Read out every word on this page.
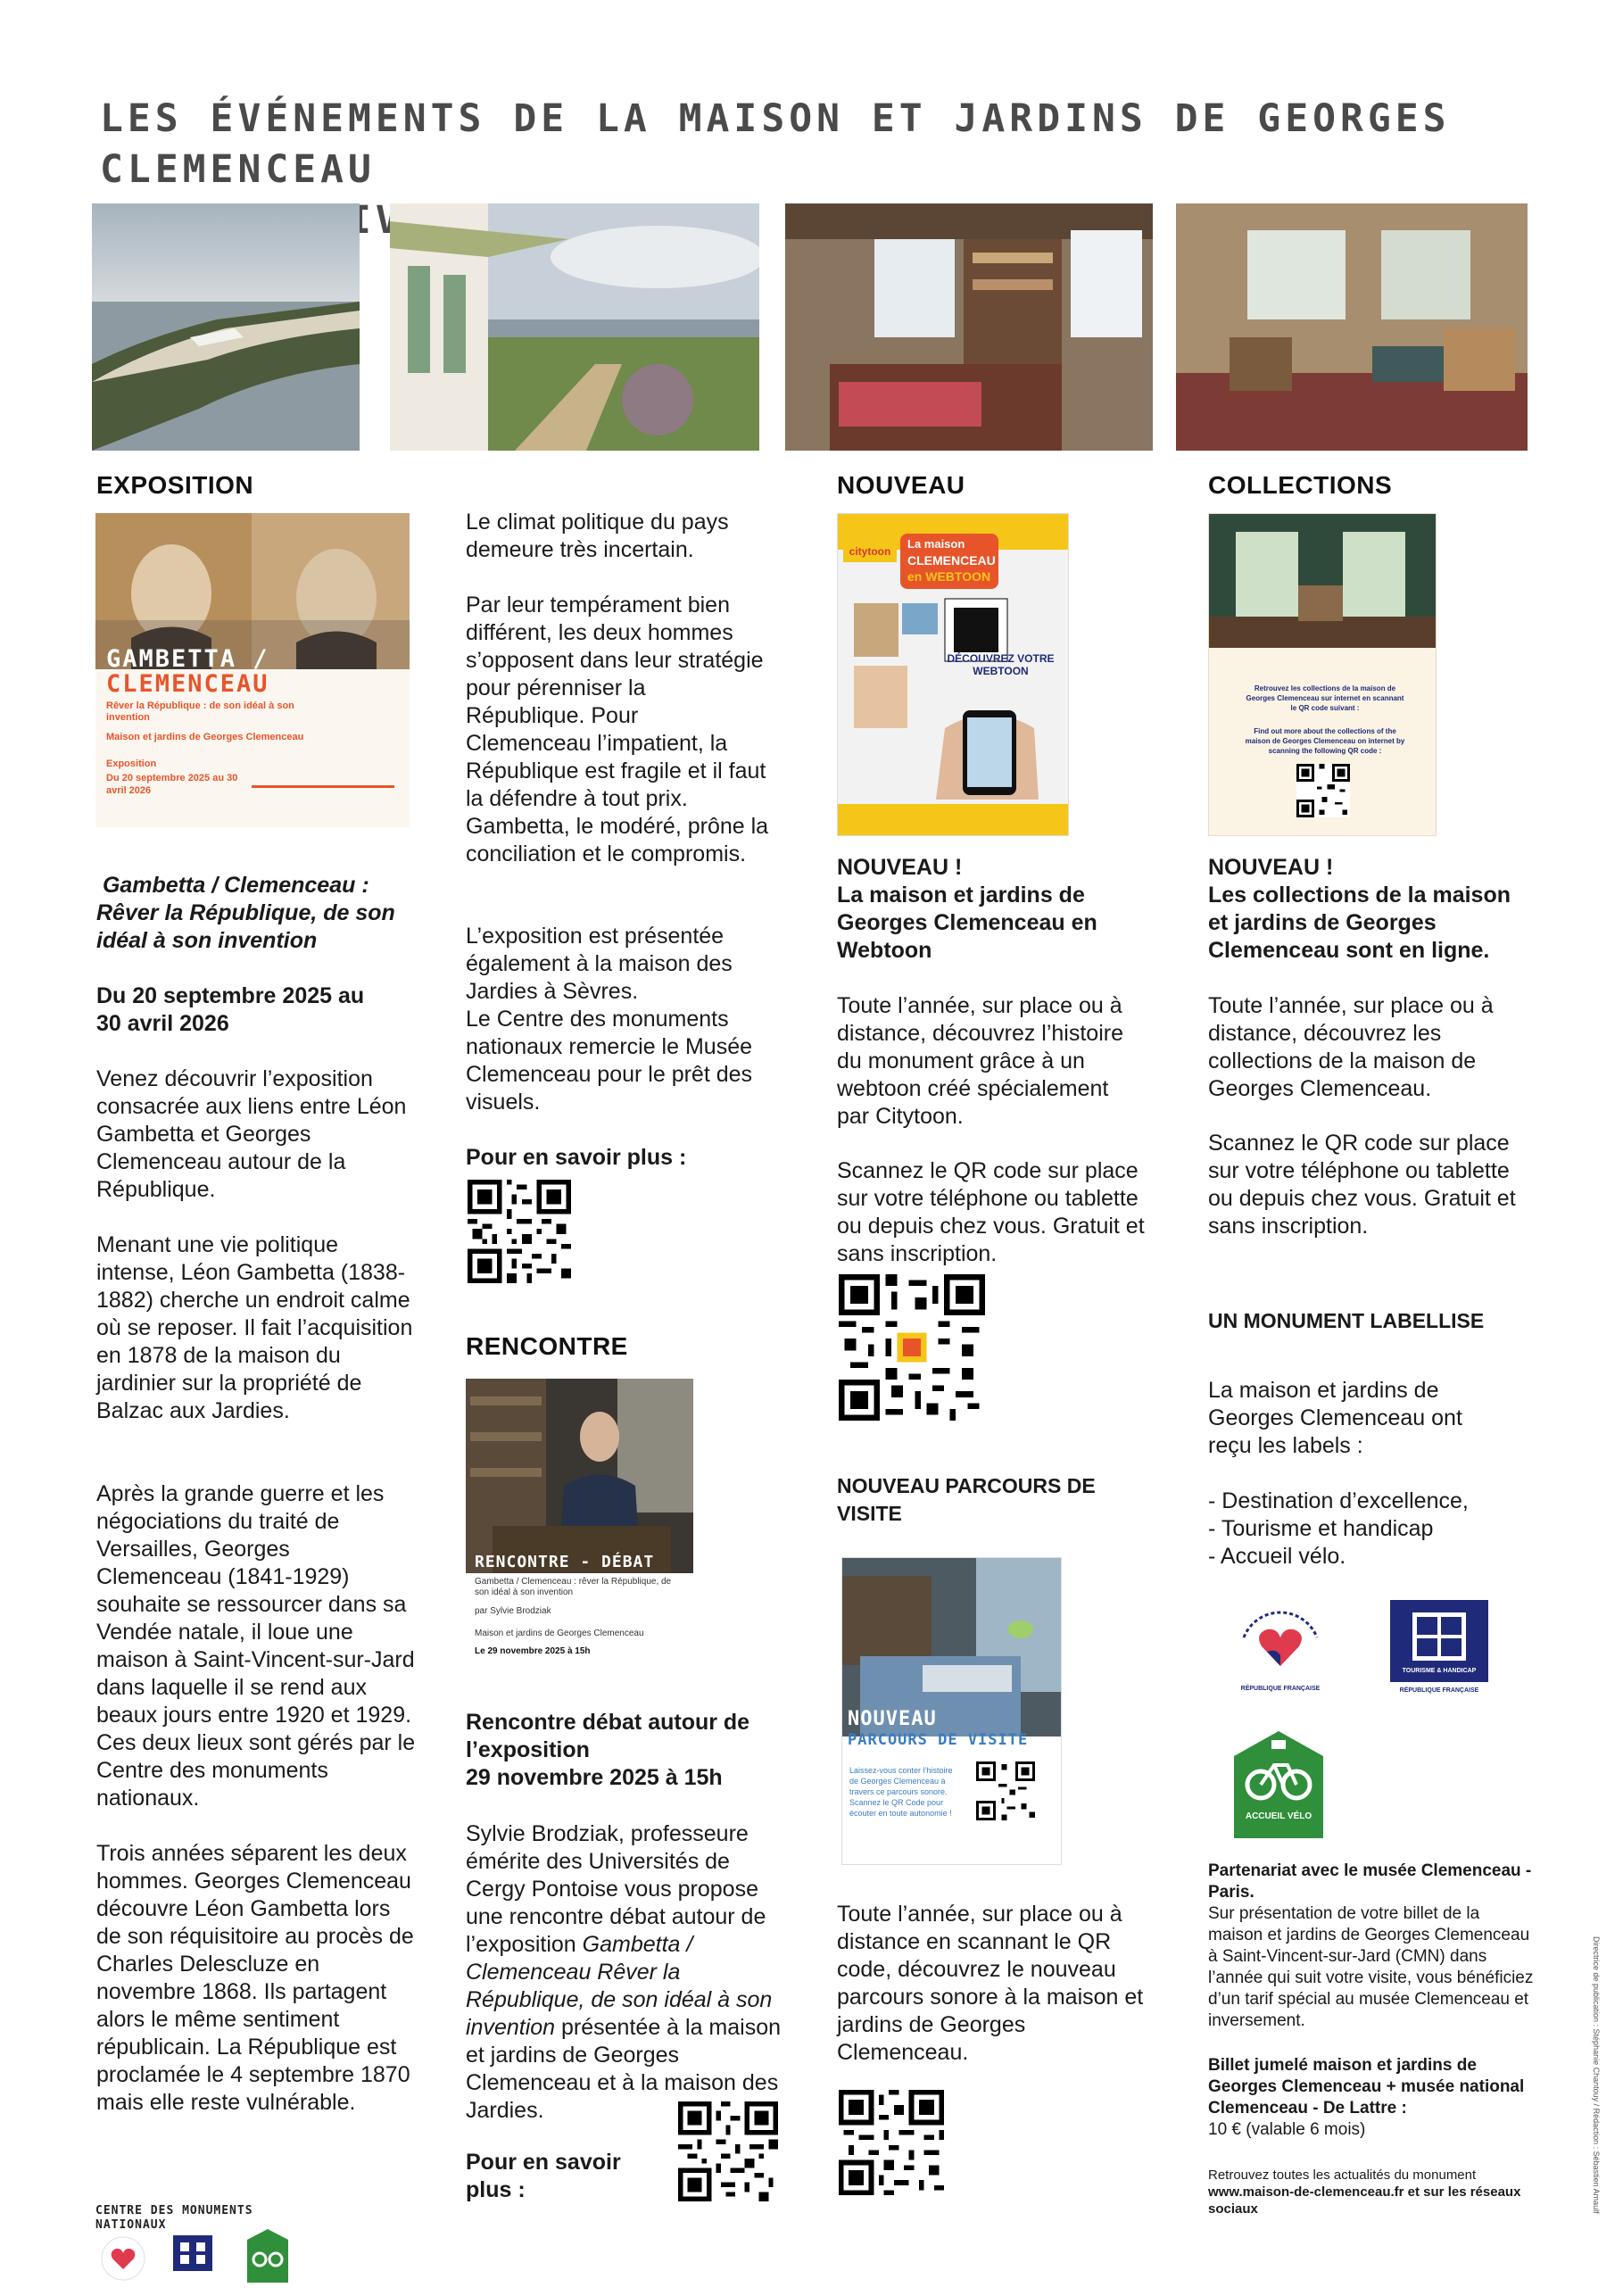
LES ÉVÉNEMENTS DE LA MAISON ET JARDINS DE GEORGES CLEMENCEAU
HIVER
EXPOSITION
GAMBETTA /
CLEMENCEAU
Rêver la République : de son idéal à son invention
Maison et jardins de Georges Clemenceau
Exposition
Du 20 septembre 2025 au 30 avril 2026
Gambetta / Clemenceau : Rêver la République, de son idéal à son invention
Du 20 septembre 2025 au 30 avril 2026
Venez découvrir l’exposition consacrée aux liens entre Léon Gambetta et Georges Clemenceau autour de la République.
Menant une vie politique intense, Léon Gambetta (1838-1882) cherche un endroit calme où se reposer. Il fait l’acquisition en 1878 de la maison du jardinier sur la propriété de Balzac aux Jardies.
Après la grande guerre et les négociations du traité de Versailles, Georges Clemenceau (1841-1929) souhaite se ressourcer dans sa Vendée natale, il loue une maison à Saint-Vincent-sur-Jard dans laquelle il se rend aux beaux jours entre 1920 et 1929. Ces deux lieux sont gérés par le Centre des monuments nationaux.
Trois années séparent les deux hommes. Georges Clemenceau découvre Léon Gambetta lors de son réquisitoire au procès de Charles Delescluze en novembre 1868. Ils partagent alors le même sentiment républicain. La République est proclamée le 4 septembre 1870 mais elle reste vulnérable.
CENTRE DES MONUMENTS NATIONAUX
Le climat politique du pays demeure très incertain.
Par leur tempérament bien différent, les deux hommes s’opposent dans leur stratégie pour pérenniser la République. Pour Clemenceau l’impatient, la République est fragile et il faut la défendre à tout prix. Gambetta, le modéré, prône la conciliation et le compromis.
L’exposition est présentée également à la maison des Jardies à Sèvres.
Le Centre des monuments nationaux remercie le Musée Clemenceau pour le prêt des visuels.
Pour en savoir plus :
RENCONTRE
RENCONTRE - DÉBAT
Gambetta / Clemenceau : rêver la République, de son idéal à son invention
par Sylvie Brodziak
Maison et jardins de Georges Clemenceau
Le 29 novembre 2025 à 15h
Rencontre débat autour de l’exposition
29 novembre 2025 à 15h
Sylvie Brodziak, professeure émérite des Universités de Cergy Pontoise vous propose une rencontre débat autour de l’exposition Gambetta / Clemenceau Rêver la République, de son idéal à son invention présentée à la maison et jardins de Georges Clemenceau et à la maison des Jardies.
Pour en savoir plus :
NOUVEAU
La maison
CLEMENCEAU
en WEBTOON
citytoon
DÉCOUVREZ VOTRE WEBTOON
NOUVEAU !
La maison et jardins de Georges Clemenceau en Webtoon
Toute l’année, sur place ou à distance, découvrez l’histoire du monument grâce à un webtoon créé spécialement par Citytoon.
Scannez le QR code sur place sur votre téléphone ou tablette ou depuis chez vous. Gratuit et sans inscription.
NOUVEAU PARCOURS DE VISITE
NOUVEAU
PARCOURS DE VISITE
Laissez-vous conter l’histoire de Georges Clemenceau à travers ce parcours sonore. Scannez le QR Code pour écouter en toute autonomie !
Toute l’année, sur place ou à distance en scannant le QR code, découvrez le nouveau parcours sonore à la maison et jardins de Georges Clemenceau.
COLLECTIONS
Retrouvez les collections de la maison de Georges Clemenceau sur internet en scannant le QR code suivant :
Find out more about the collections of the maison de Georges Clemenceau on internet by scanning the following QR code :
NOUVEAU !
Les collections de la maison et jardins de Georges Clemenceau sont en ligne.
Toute l’année, sur place ou à distance, découvrez les collections de la maison de Georges Clemenceau.
Scannez le QR code sur place sur votre téléphone ou tablette ou depuis chez vous. Gratuit et sans inscription.
UN MONUMENT LABELLISE
La maison et jardins de Georges Clemenceau ont reçu les labels :
- Destination d’excellence,
- Tourisme et handicap
- Accueil vélo.
RÉPUBLIQUE FRANÇAISE
TOURISME & HANDICAP
RÉPUBLIQUE FRANÇAISE
ACCUEIL VÉLO
Partenariat avec le musée Clemenceau - Paris.
Sur présentation de votre billet de la maison et jardins de Georges Clemenceau à Saint-Vincent-sur-Jard (CMN) dans l’année qui suit votre visite, vous bénéficiez d’un tarif spécial au musée Clemenceau et inversement.
Billet jumelé maison et jardins de Georges Clemenceau + musée national Clemenceau - De Lattre :
10 € (valable 6 mois)
Retrouvez toutes les actualités du monument
www.maison-de-clemenceau.fr et sur les réseaux sociaux	Directrice de publication : Stéphanie Chantouy / Rédaction : Sébastien Amaulf
